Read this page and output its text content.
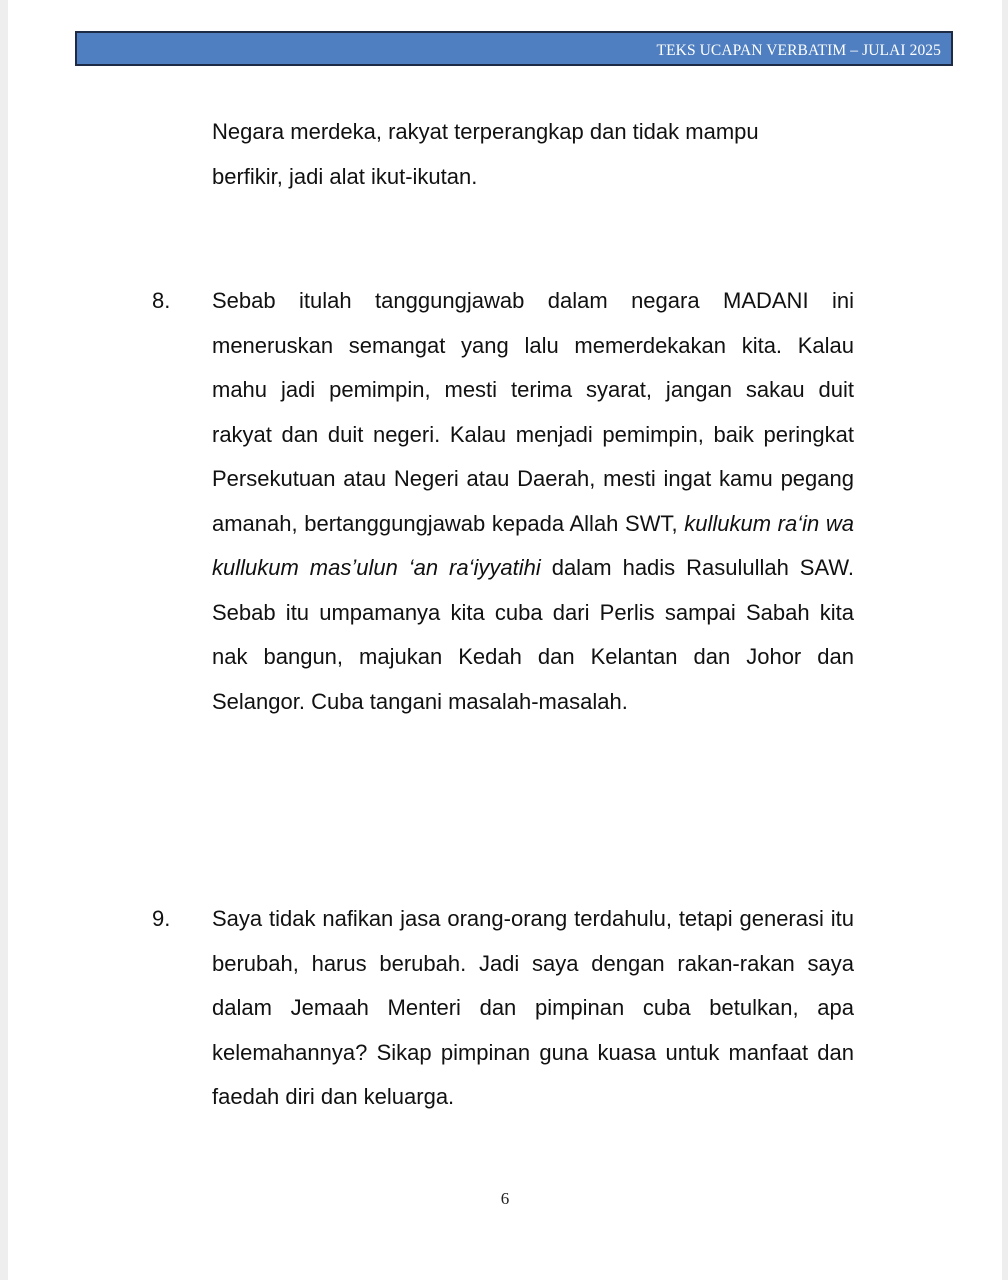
TEKS UCAPAN VERBATIM – JULAI 2025
Negara merdeka, rakyat terperangkap dan tidak mampu
berfikir, jadi alat ikut-ikutan.
8. Sebab itulah tanggungjawab dalam negara MADANI ini meneruskan semangat yang lalu memerdekakan kita. Kalau mahu jadi pemimpin, mesti terima syarat, jangan sakau duit rakyat dan duit negeri. Kalau menjadi pemimpin, baik peringkat Persekutuan atau Negeri atau Daerah, mesti ingat kamu pegang amanah, bertanggungjawab kepada Allah SWT, kullukum ra‘in wa kullukum mas’ulun ‘an ra‘iyyatihi dalam hadis Rasulullah SAW. Sebab itu umpamanya kita cuba dari Perlis sampai Sabah kita nak bangun, majukan Kedah dan Kelantan dan Johor dan Selangor. Cuba tangani masalah-masalah.
9. Saya tidak nafikan jasa orang-orang terdahulu, tetapi generasi itu berubah, harus berubah. Jadi saya dengan rakan-rakan saya dalam Jemaah Menteri dan pimpinan cuba betulkan, apa kelemahannya? Sikap pimpinan guna kuasa untuk manfaat dan faedah diri dan keluarga.
6
